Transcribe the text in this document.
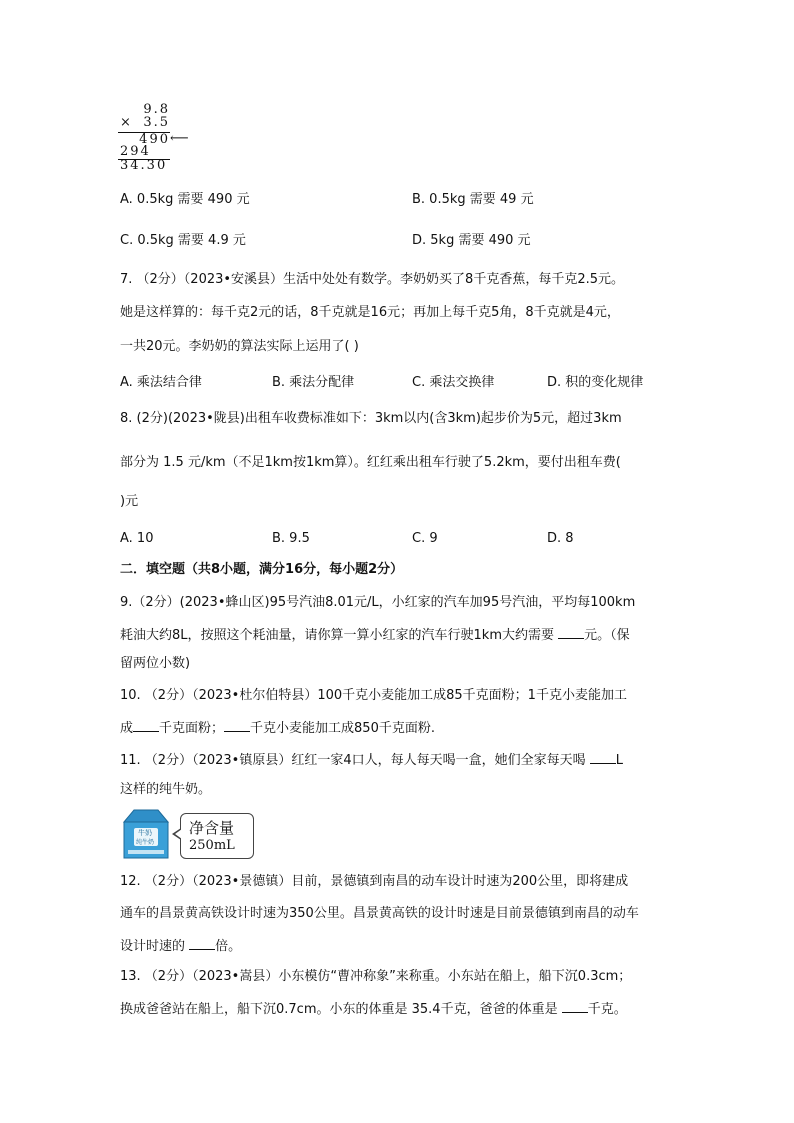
9.8
× 3.5
490 ⟵
294
34.30
A. 0.5kg 需要 490 元	B. 0.5kg 需要 49 元
C. 0.5kg 需要 4.9 元	D. 5kg 需要 490 元
7. （2分）（2023•安溪县）生活中处处有数学。李奶奶买了8千克香蕉，每千克2.5元。
她是这样算的：每千克2元的话，8千克就是16元；再加上每千克5角，8千克就是4元，
一共20元。李奶奶的算法实际上运用了( )
A. 乘法结合律	B. 乘法分配律	C. 乘法交换律	D. 积的变化规律
8. (2分)(2023•陇县)出租车收费标准如下：3km以内(含3km)起步价为5元，超过3km
部分为 1.5 元/km（不足1km按1km算）。红红乘出租车行驶了5.2km，要付出租车费(
)元
A. 10	B. 9.5	C. 9	D. 8
二．填空题（共8小题，满分16分，每小题2分）
9.（2分）(2023•蜂山区)95号汽油8.01元/L，小红家的汽车加95号汽油，平均每100km
耗油大约8L，按照这个耗油量，请你算一算小红家的汽车行驶1km大约需要 元。（保
留两位小数)
10. （2分）（2023•杜尔伯特县）100千克小麦能加工成85千克面粉；1千克小麦能加工
成 千克面粉； 千克小麦能加工成850千克面粉.
11. （2分）（2023•镇原县）红红一家4口人，每人每天喝一盒，她们全家每天喝 L
这样的纯牛奶。
牛奶
纯牛奶
净含量
250mL
12. （2分）（2023•景德镇）目前，景德镇到南昌的动车设计时速为200公里，即将建成
通车的昌景黄高铁设计时速为350公里。昌景黄高铁的设计时速是目前景德镇到南昌的动车
设计时速的 倍。
13. （2分）（2023•嵩县）小东模仿“曹冲称象”来称重。小东站在船上，船下沉0.3cm；
换成爸爸站在船上，船下沉0.7cm。小东的体重是 35.4千克，爸爸的体重是 千克。
